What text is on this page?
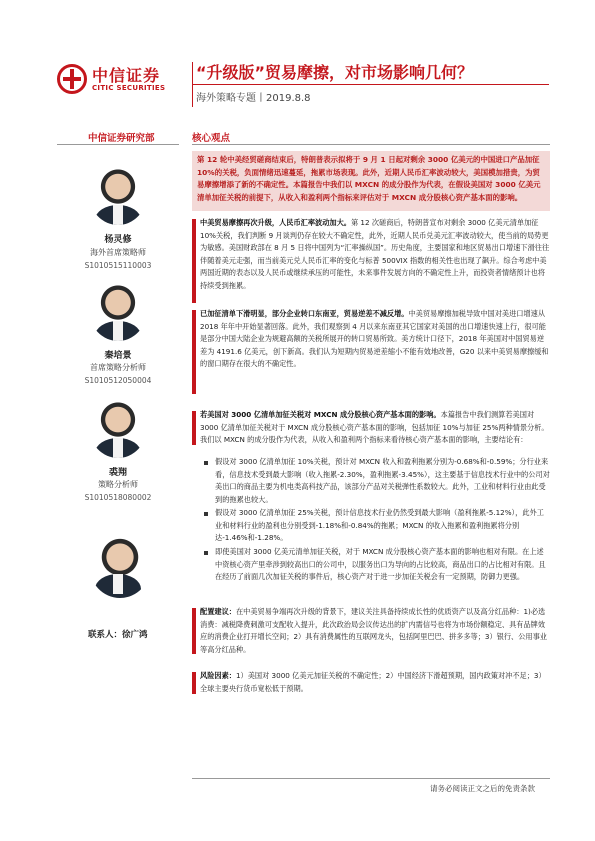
中信证券
CITIC SECURITIES
“升级版”贸易摩擦，对市场影响几何？
海外策略专题丨2019.8.8
中信证券研究部
杨灵修
海外首席策略师
S1010515110003
秦培景
首席策略分析师
S1010512050004
裘翔
策略分析师
S1010518080002
联系人：徐广鸿
核心观点

第 12 轮中美经贸磋商结束后，特朗普表示拟将于 9 月 1 日起对剩余 3000 亿美元的中国进口产品加征 10%的关税，负面情绪迅速蔓延，拖累市场表现。此外，近期人民币汇率波动较大，美国模加措贵，为贸易摩擦增添了新的不确定性。本篇报告中我们以 MXCN 的成分股作为代表，在假设美国对 3000 亿美元清单加征关税的前提下，从收入和盈利两个指标来评估对于 MXCN 成分股核心资产基本面的影响。

中美贸易摩擦再次升级，人民币汇率波动加大。第 12 次磋商后，特朗普宣布对剩余 3000 亿美元清单加征 10%关税，我们判断 9 月谈判仍存在较大不确定性，此外，近期人民币兑美元汇率波动较大，使当前的局势更为敏感。美国财政部在 8 月 5 日将中国列为“汇率操纵国”。历史角度，主要国家和地区贸易出口增速下滑往往伴随着美元走强，而当前美元兑人民币汇率的变化与标普 500VIX 指数的相关性也出现了飙升。综合考虑中美两国近期的表态以及人民币或继续承压的可能性，未来事件发展方向的不确定性上升，而投资者情绪预计也将持续受到拖累。
已加征清单下滑明显，部分企业转口东南亚，贸易逆差不减反增。中美贸易摩擦加税导致中国对美进口增速从 2018 年年中开始显著回落。此外，我们观察到 4 月以来东南亚其它国家对美国的出口增速快速上行，很可能是部分中国大陆企业为规避高额的关税所展开的转口贸易所致。美方统计口径下，2018 年美国对中国贸易逆差为 4191.6 亿美元，创下新高。我们认为短期内贸易逆差缩小不能有效地改善，G20 以来中美贸易摩擦缓和的窗口期存在很大的不确定性。
若美国对 3000 亿清单加征关税对 MXCN 成分股核心资产基本面的影响。本篇报告中我们测算若美国对 3000 亿清单加征关税对于 MXCN 成分股核心资产基本面的影响，包括加征 10%与加征 25%两种情景分析。我们以 MXCN 的成分股作为代表，从收入和盈利两个指标来看待核心资产基本面的影响，主要结论有：
假设对 3000 亿清单加征 10%关税，预计对 MXCN 收入和盈利拖累分别为-0.68%和-0.59%；分行业来看，信息技术受到最大影响（收入拖累-2.30%，盈利拖累-3.45%），这主要基于信息技术行业中的公司对美出口的商品主要为机电类高科技产品，该部分产品对关税弹性系数较大。此外，工业和材料行业由此受到的拖累也较大。
假设对 3000 亿清单加征 25%关税，预计信息技术行业仍然受到最大影响（盈利拖累-5.12%），此外工业和材料行业的盈利也分别受到-1.18%和-0.84%的拖累；MXCN 的收入拖累和盈利拖累将分别达-1.46%和-1.28%。
即使美国对 3000 亿美元清单加征关税，对于 MXCN 成分股核心资产基本面的影响也相对有限。在上述中资核心资产里牵涉到较高出口的公司中，以服务出口为导向的占比较高，商品出口的占比相对有限。且在经历了前面几次加征关税的事件后，核心资产对于进一步加征关税会有一定预期，防御力更强。
配置建议：在中美贸易争端再次升级的背景下，建议关注具备持续成长性的优质资产以及高分红品种：1)必选消费：减税降费刺激可支配收入提升，此次政治局会议传达出的扩内需信号也将为市场份额稳定、具有品牌效应的消费企业打开增长空间；2）具有消费属性的互联网龙头，包括阿里巴巴、拼多多等；3）银行、公用事业等高分红品种。
风险因素：1）美国对 3000 亿美元加征关税的不确定性；2）中国经济下滑超预期，国内政策对冲不足；3）全球主要央行货币宽松低于预期。
请务必阅读正文之后的免责条款
